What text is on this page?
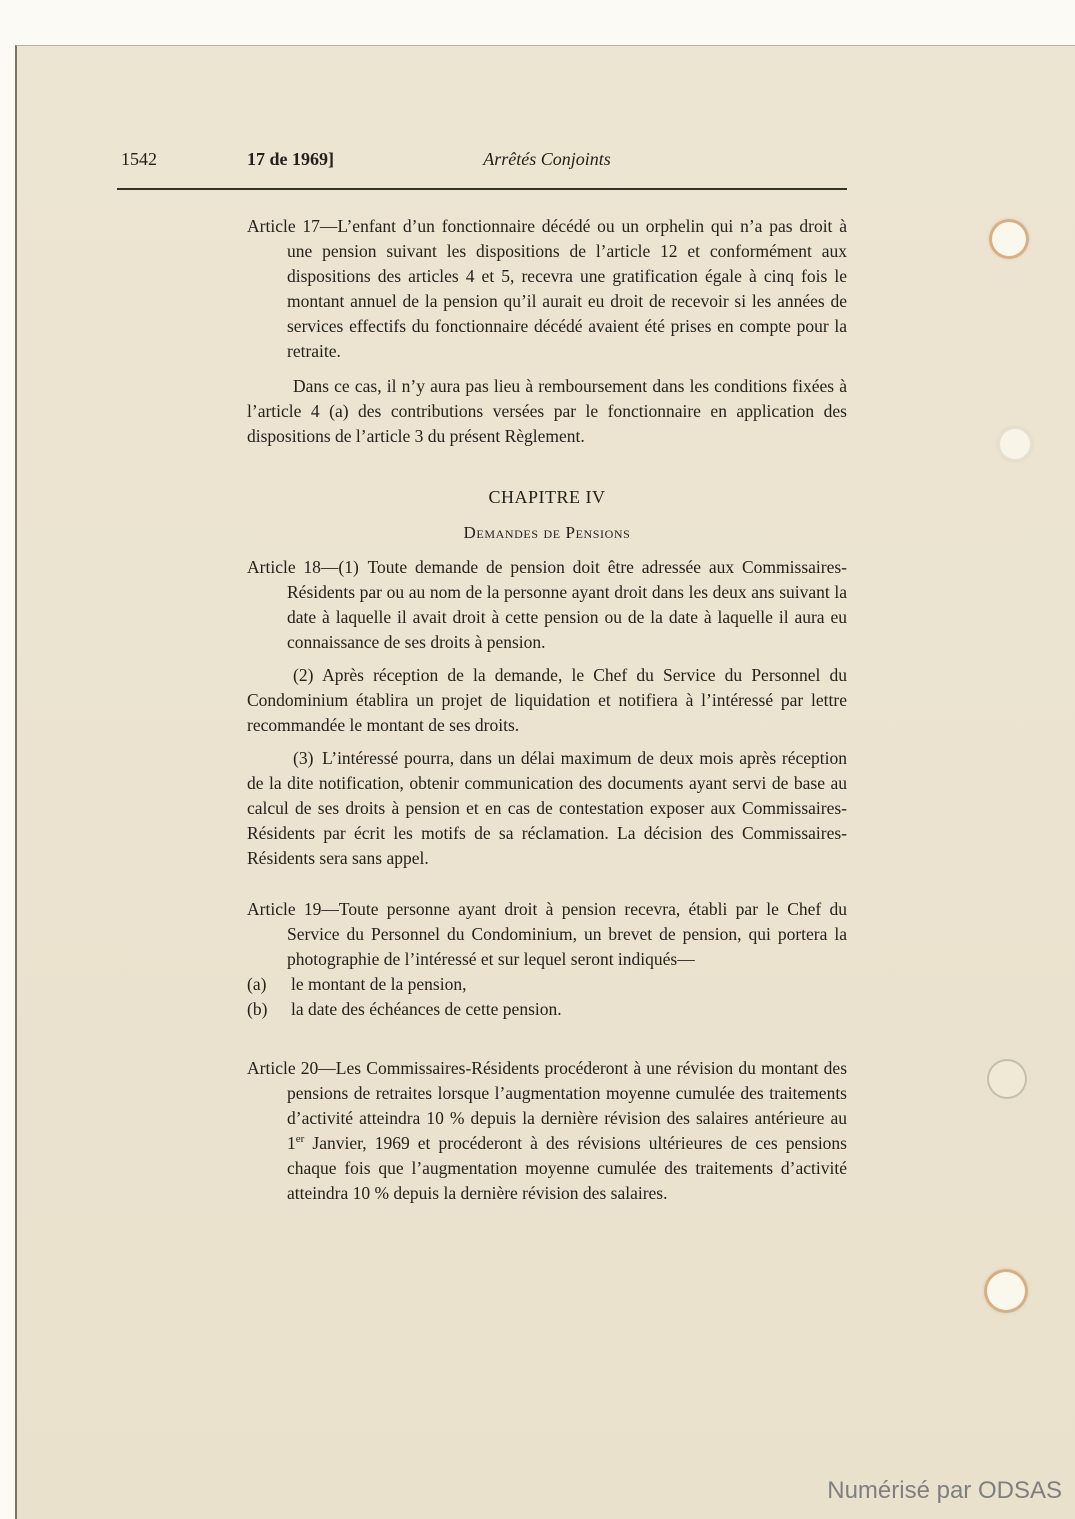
1542	17 de 1969]	Arrêtés Conjoints

Article 17—L’enfant d’un fonctionnaire décédé ou un orphelin qui n’a pas droit à une pension suivant les dispositions de l’article 12 et conformément aux dispositions des articles 4 et 5, recevra une gratification égale à cinq fois le montant annuel de la pension qu’il aurait eu droit de recevoir si les années de services effectifs du fonctionnaire décédé avaient été prises en compte pour la retraite.

Dans ce cas, il n’y aura pas lieu à remboursement dans les conditions fixées à l’article 4 (a) des contributions versées par le fonctionnaire en application des dispositions de l’article 3 du présent Règlement.

CHAPITRE IV

Demandes de Pensions

Article 18—(1) Toute demande de pension doit être adressée aux Commissaires-Résidents par ou au nom de la personne ayant droit dans les deux ans suivant la date à laquelle il avait droit à cette pension ou de la date à laquelle il aura eu connaissance de ses droits à pension.

(2) Après réception de la demande, le Chef du Service du Personnel du Condominium établira un projet de liquidation et notifiera à l’intéressé par lettre recommandée le montant de ses droits.

(3) L’intéressé pourra, dans un délai maximum de deux mois après réception de la dite notification, obtenir communication des documents ayant servi de base au calcul de ses droits à pension et en cas de contestation exposer aux Commissaires-Résidents par écrit les motifs de sa réclamation. La décision des Commissaires-Résidents sera sans appel.

Article 19—Toute personne ayant droit à pension recevra, établi par le Chef du Service du Personnel du Condominium, un brevet de pension, qui portera la photographie de l’intéressé et sur lequel seront indiqués—

(a) le montant de la pension,

(b) la date des échéances de cette pension.

Article 20—Les Commissaires-Résidents procéderont à une révision du montant des pensions de retraites lorsque l’augmentation moyenne cumulée des traitements d’activité atteindra 10 % depuis la dernière révision des salaires antérieure au 1er Janvier, 1969 et procéderont à des révisions ultérieures de ces pensions chaque fois que l’augmentation moyenne cumulée des traitements d’activité atteindra 10 % depuis la dernière révision des salaires.

Numérisé par ODSAS
